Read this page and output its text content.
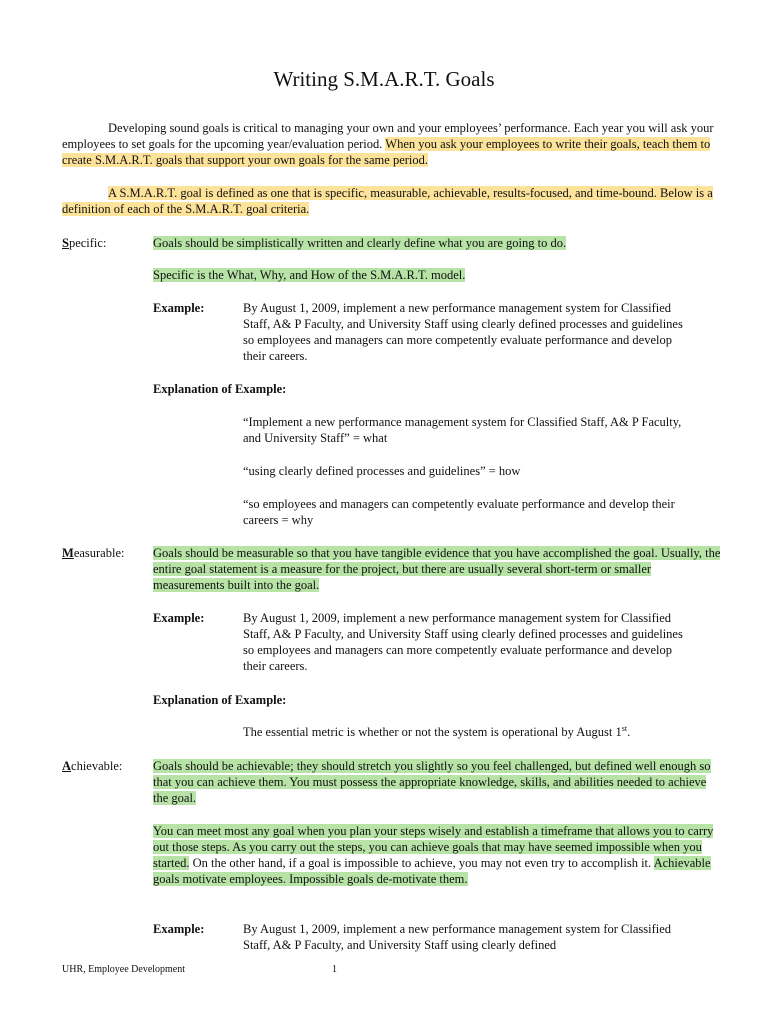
Writing S.M.A.R.T. Goals
Developing sound goals is critical to managing your own and your employees’ performance. Each year you will ask your employees to set goals for the upcoming year/evaluation period. When you ask your employees to write their goals, teach them to create S.M.A.R.T. goals that support your own goals for the same period.
A S.M.A.R.T. goal is defined as one that is specific, measurable, achievable, results-focused, and time-bound. Below is a definition of each of the S.M.A.R.T. goal criteria.
Specific:	Goals should be simplistically written and clearly define what you are going to do.
Specific is the What, Why, and How of the S.M.A.R.T. model.
Example:	By August 1, 2009, implement a new performance management system for Classified Staff, A& P Faculty, and University Staff using clearly defined processes and guidelines so employees and managers can more competently evaluate performance and develop their careers.
Explanation of Example:
“Implement a new performance management system for Classified Staff, A& P Faculty, and University Staff” = what
“using clearly defined processes and guidelines” = how
“so employees and managers can competently evaluate performance and develop their careers = why
Measurable: Goals should be measurable so that you have tangible evidence that you have accomplished the goal. Usually, the entire goal statement is a measure for the project, but there are usually several short-term or smaller measurements built into the goal.
Example:	By August 1, 2009, implement a new performance management system for Classified Staff, A& P Faculty, and University Staff using clearly defined processes and guidelines so employees and managers can more competently evaluate performance and develop their careers.
Explanation of Example:
The essential metric is whether or not the system is operational by August 1st.
Achievable: Goals should be achievable; they should stretch you slightly so you feel challenged, but defined well enough so that you can achieve them. You must possess the appropriate knowledge, skills, and abilities needed to achieve the goal.
You can meet most any goal when you plan your steps wisely and establish a timeframe that allows you to carry out those steps. As you carry out the steps, you can achieve goals that may have seemed impossible when you started. On the other hand, if a goal is impossible to achieve, you may not even try to accomplish it. Achievable goals motivate employees. Impossible goals de-motivate them.
Example:	By August 1, 2009, implement a new performance management system for Classified Staff, A& P Faculty, and University Staff using clearly defined
UHR, Employee Development	1
